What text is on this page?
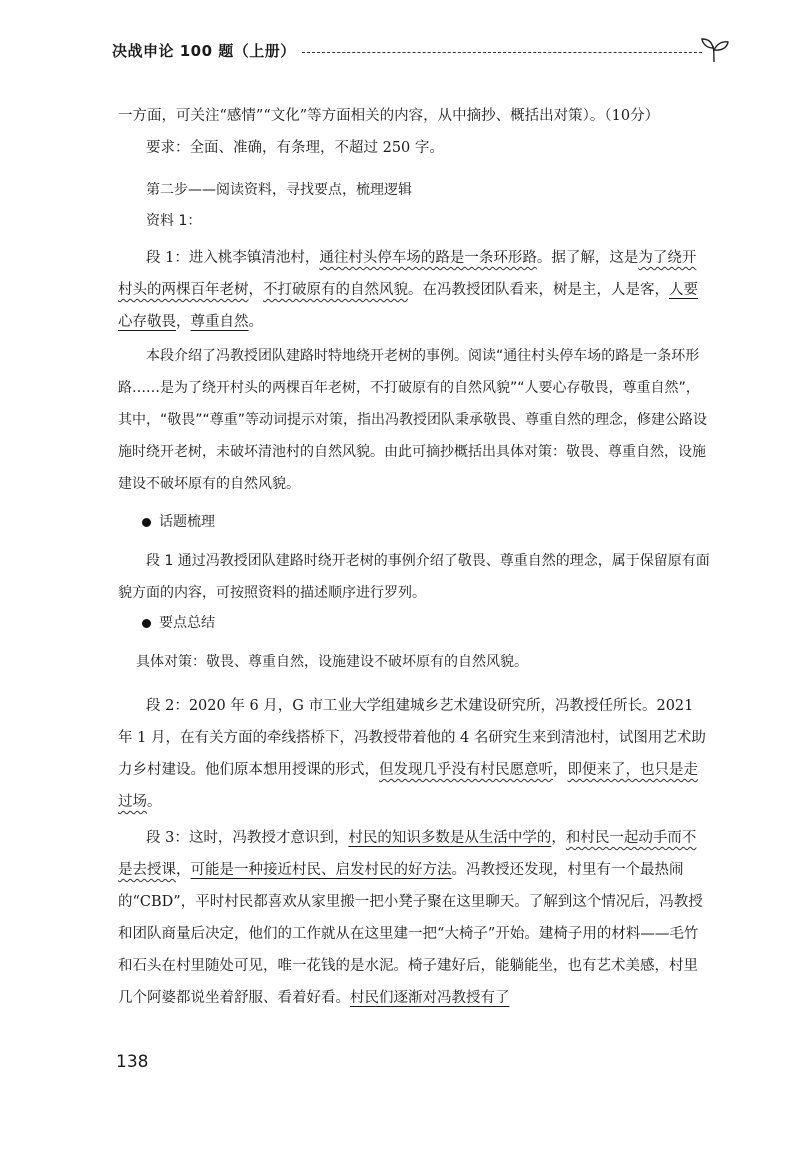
决战申论 100 题（上册）
一方面，可关注“感情”“文化”等方面相关的内容，从中摘抄、概括出对策）。（10分）
要求：全面、准确，有条理，不超过 250 字。
第二步——阅读资料，寻找要点，梳理逻辑
资料 1：
段 1：进入桃李镇清池村，通往村头停车场的路是一条环形路。据了解，这是为了绕开村头的两棵百年老树，不打破原有的自然风貌。在冯教授团队看来，树是主，人是客，人要心存敬畏，尊重自然。
本段介绍了冯教授团队建路时特地绕开老树的事例。阅读“通往村头停车场的路是一条环形路……是为了绕开村头的两棵百年老树，不打破原有的自然风貌”“人要心存敬畏，尊重自然”，其中，“敬畏”“尊重”等动词提示对策，指出冯教授团队秉承敬畏、尊重自然的理念，修建公路设施时绕开老树，未破坏清池村的自然风貌。由此可摘抄概括出具体对策：敬畏、尊重自然，设施建设不破坏原有的自然风貌。
话题梳理
段 1 通过冯教授团队建路时绕开老树的事例介绍了敬畏、尊重自然的理念，属于保留原有面貌方面的内容，可按照资料的描述顺序进行罗列。
要点总结
具体对策：敬畏、尊重自然，设施建设不破坏原有的自然风貌。
段 2：2020 年 6 月，G 市工业大学组建城乡艺术建设研究所，冯教授任所长。2021 年 1 月，在有关方面的牵线搭桥下，冯教授带着他的 4 名研究生来到清池村，试图用艺术助力乡村建设。他们原本想用授课的形式，但发现几乎没有村民愿意听，即便来了，也只是走过场。
段 3：这时，冯教授才意识到，村民的知识多数是从生活中学的，和村民一起动手而不是去授课，可能是一种接近村民、启发村民的好方法。冯教授还发现，村里有一个最热闹的“CBD”，平时村民都喜欢从家里搬一把小凳子聚在这里聊天。了解到这个情况后，冯教授和团队商量后决定，他们的工作就从在这里建一把“大椅子”开始。建椅子用的材料——毛竹和石头在村里随处可见，唯一花钱的是水泥。椅子建好后，能躺能坐，也有艺术美感，村里几个阿婆都说坐着舒服、看着好看。村民们逐渐对冯教授有了
138
